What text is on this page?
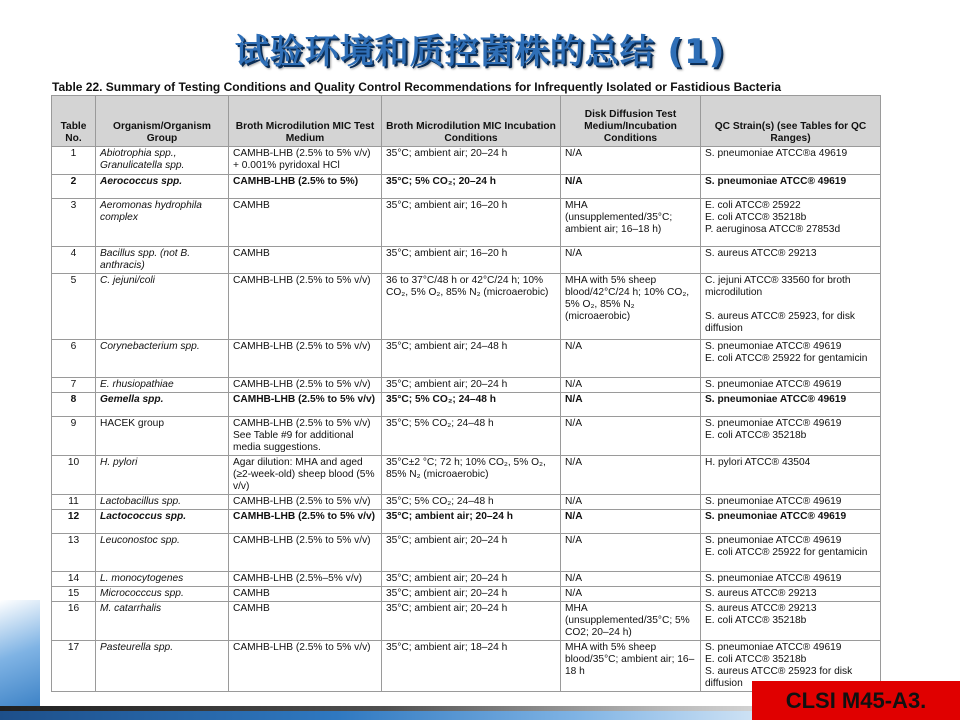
试验环境和质控菌株的总结 (1)
Table 22. Summary of Testing Conditions and Quality Control Recommendations for Infrequently Isolated or Fastidious Bacteria
Table No.	Organism/Organism Group	Broth Microdilution MIC Test Medium	Broth Microdilution MIC Incubation Conditions	Disk Diffusion Test Medium/Incubation Conditions	QC Strain(s) (see Tables for QC Ranges)
1	Abiotrophia spp., Granulicatella spp.	CAMHB-LHB (2.5% to 5% v/v) + 0.001% pyridoxal HCl	35°C; ambient air; 20–24 h	N/A	S. pneumoniae ATCC®a 49619
2	Aerococcus spp.	CAMHB-LHB (2.5% to 5%)	35°C; 5% CO₂; 20–24 h	N/A	S. pneumoniae ATCC® 49619
3	Aeromonas hydrophila complex	CAMHB	35°C; ambient air; 16–20 h	MHA (unsupplemented/35°C; ambient air; 16–18 h)	E. coli ATCC® 25922
E. coli ATCC® 35218b
P. aeruginosa ATCC® 27853d
4	Bacillus spp. (not B. anthracis)	CAMHB	35°C; ambient air; 16–20 h	N/A	S. aureus ATCC® 29213
5	C. jejuni/coli	CAMHB-LHB (2.5% to 5% v/v)	36 to 37°C/48 h or 42°C/24 h; 10% CO₂, 5% O₂, 85% N₂ (microaerobic)	MHA with 5% sheep blood/42°C/24 h; 10% CO₂, 5% O₂, 85% N₂ (microaerobic)	C. jejuni ATCC® 33560 for broth microdilution

S. aureus ATCC® 25923, for disk diffusion
6	Corynebacterium spp.	CAMHB-LHB (2.5% to 5% v/v)	35°C; ambient air; 24–48 h	N/A	S. pneumoniae ATCC® 49619
E. coli ATCC® 25922 for gentamicin
7	E. rhusiopathiae	CAMHB-LHB (2.5% to 5% v/v)	35°C; ambient air; 20–24 h	N/A	S. pneumoniae ATCC® 49619
8	Gemella spp.	CAMHB-LHB (2.5% to 5% v/v)	35°C; 5% CO₂; 24–48 h	N/A	S. pneumoniae ATCC® 49619
9	HACEK group	CAMHB-LHB (2.5% to 5% v/v) See Table #9 for additional media suggestions.	35°C; 5% CO₂; 24–48 h	N/A	S. pneumoniae ATCC® 49619
E. coli ATCC® 35218b
10	H. pylori	Agar dilution: MHA and aged (≥2-week-old) sheep blood (5% v/v)	35°C±2 °C; 72 h; 10% CO₂, 5% O₂, 85% N₂ (microaerobic)	N/A	H. pylori ATCC® 43504
11	Lactobacillus spp.	CAMHB-LHB (2.5% to 5% v/v)	35°C; 5% CO₂; 24–48 h	N/A	S. pneumoniae ATCC® 49619
12	Lactococcus spp.	CAMHB-LHB (2.5% to 5% v/v)	35°C; ambient air; 20–24 h	N/A	S. pneumoniae ATCC® 49619
13	Leuconostoc spp.	CAMHB-LHB (2.5% to 5% v/v)	35°C; ambient air; 20–24 h	N/A	S. pneumoniae ATCC® 49619
E. coli ATCC® 25922 for gentamicin
14	L. monocytogenes	CAMHB-LHB (2.5%–5% v/v)	35°C; ambient air; 20–24 h	N/A	S. pneumoniae ATCC® 49619
15	Micrococccus spp.	CAMHB	35°C; ambient air; 20–24 h	N/A	S. aureus ATCC® 29213
16	M. catarrhalis	CAMHB	35°C; ambient air; 20–24 h	MHA (unsupplemented/35°C; 5% CO2; 20–24 h)	S. aureus ATCC® 29213
E. coli ATCC® 35218b
17	Pasteurella spp.	CAMHB-LHB (2.5% to 5% v/v)	35°C; ambient air; 18–24 h	MHA with 5% sheep blood/35°C; ambient air; 16–18 h	S. pneumoniae ATCC® 49619
E. coli ATCC® 35218b
S. aureus ATCC® 25923 for disk diffusion
CLSI M45-A3.
